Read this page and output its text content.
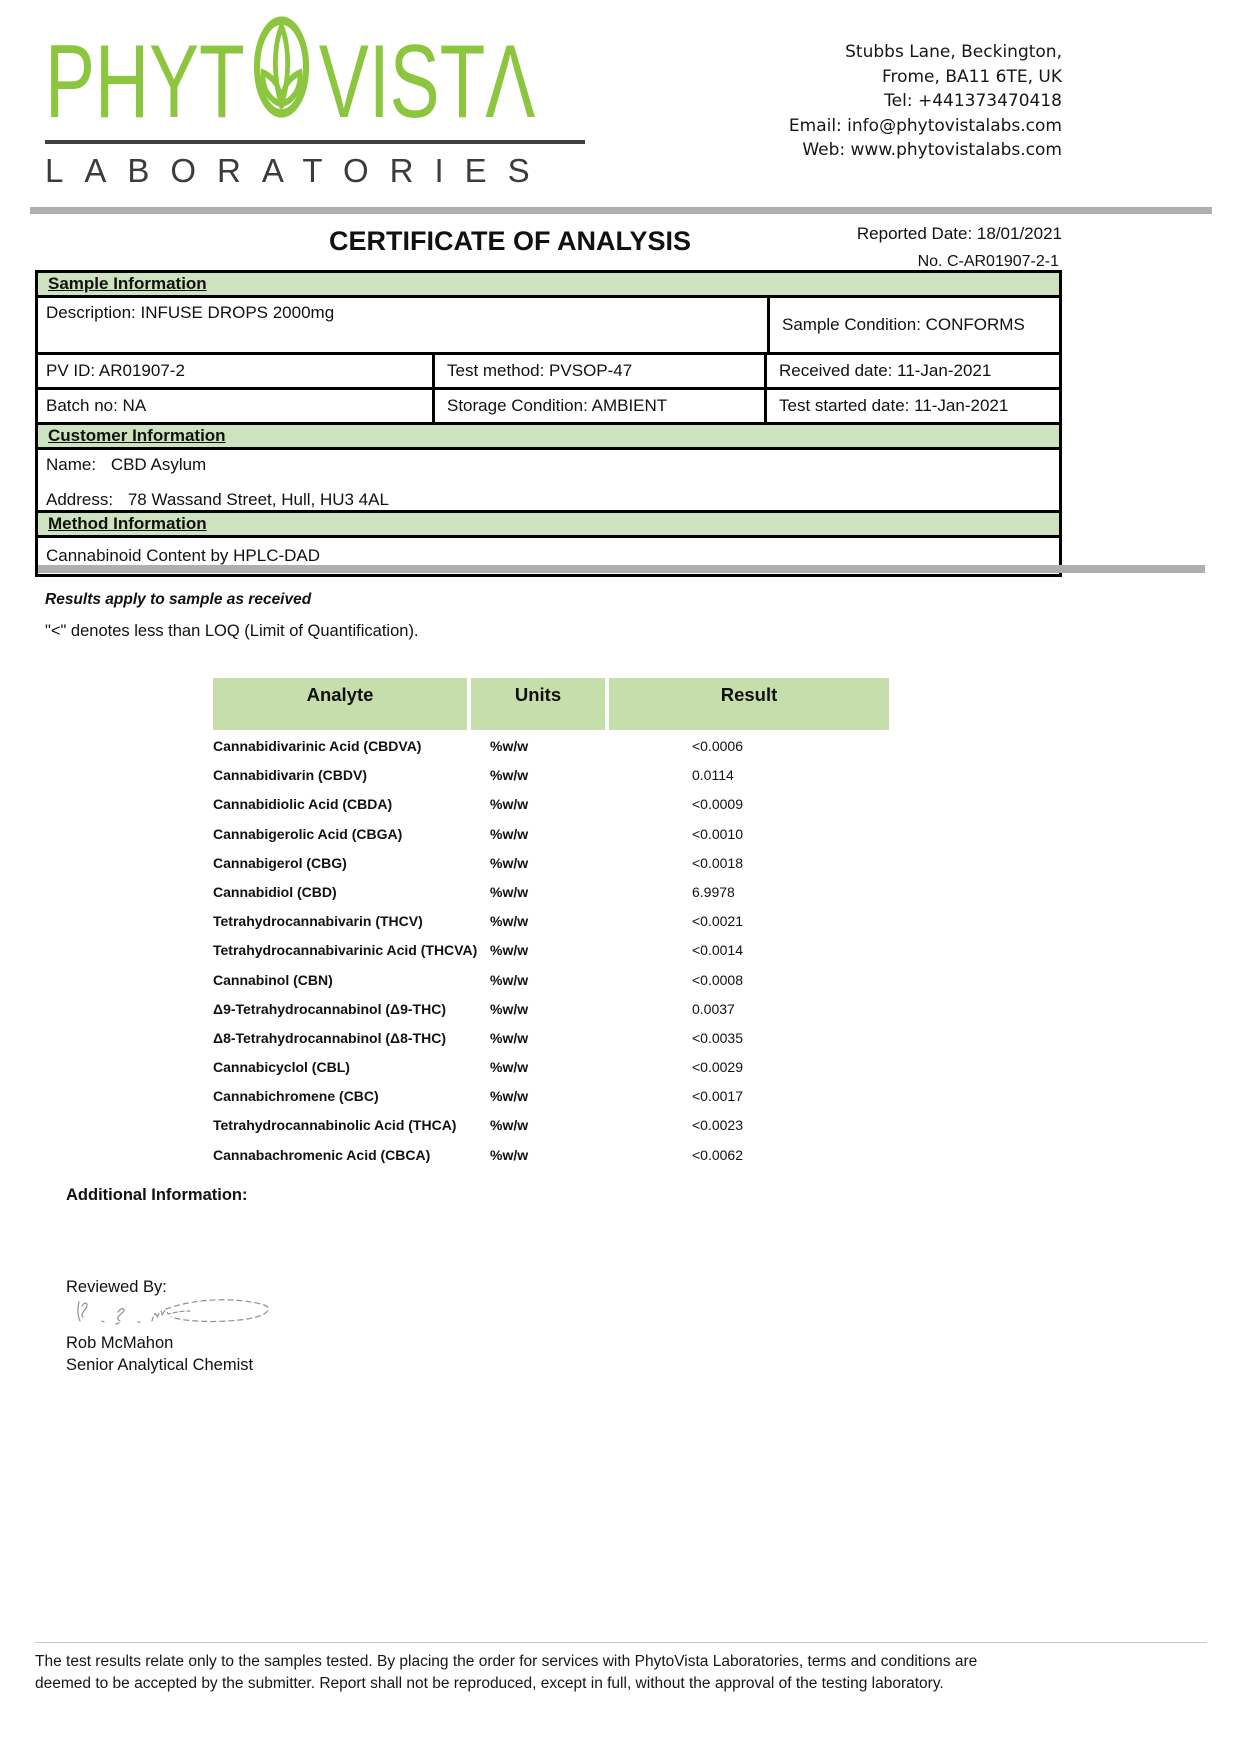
PHYT VIST Λ
LABORATORIES
Stubbs Lane, Beckington,
Frome, BA11 6TE, UK
Tel: +441373470418
Email: info@phytovistalabs.com
Web: www.phytovistalabs.com
Reported Date: 18/01/2021
No. C-AR01907-2-1
CERTIFICATE OF ANALYSIS
Sample Information
Description: INFUSE DROPS 2000mg
Sample Condition: CONFORMS
PV ID: AR01907-2	Test method: PVSOP-47	Received date: 11-Jan-2021
Batch no: NA	Storage Condition: AMBIENT	Test started date: 11-Jan-2021
Customer Information
Name: CBD Asylum
Address: 78 Wassand Street, Hull, HU3 4AL
Method Information
Cannabinoid Content by HPLC-DAD
Results apply to sample as received
"<" denotes less than LOQ (Limit of Quantification).
Analyte	Units	Result
Cannabidivarinic Acid (CBDVA)	%w/w	<0.0006
Cannabidivarin (CBDV)	%w/w	0.0114
Cannabidiolic Acid (CBDA)	%w/w	<0.0009
Cannabigerolic Acid (CBGA)	%w/w	<0.0010
Cannabigerol (CBG)	%w/w	<0.0018
Cannabidiol (CBD)	%w/w	6.9978
Tetrahydrocannabivarin (THCV)	%w/w	<0.0021
Tetrahydrocannabivarinic Acid (THCVA) %w/w	<0.0014
Cannabinol (CBN)	%w/w	<0.0008
Δ9-Tetrahydrocannabinol (Δ9-THC)	%w/w	0.0037
Δ8-Tetrahydrocannabinol (Δ8-THC)	%w/w	<0.0035
Cannabicyclol (CBL)	%w/w	<0.0029
Cannabichromene (CBC)	%w/w	<0.0017
Tetrahydrocannabinolic Acid (THCA)	%w/w	<0.0023
Cannabachromenic Acid (CBCA)	%w/w	<0.0062
Additional Information:
Reviewed By:
Rob McMahon
Senior Analytical Chemist
The test results relate only to the samples tested. By placing the order for services with PhytoVista Laboratories, terms and conditions are
deemed to be accepted by the submitter. Report shall not be reproduced, except in full, without the approval of the testing laboratory.
